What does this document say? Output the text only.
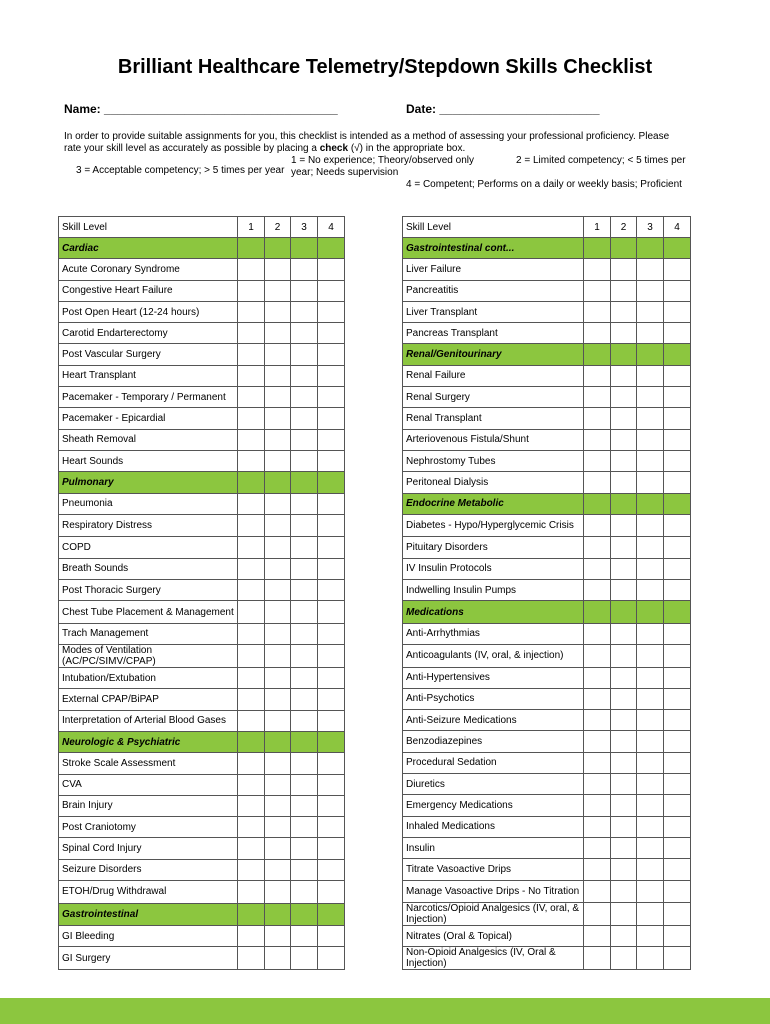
Brilliant Healthcare Telemetry/Stepdown Skills Checklist
Name: ___________________________________	Date: ________________________
In order to provide suitable assignments for you, this checklist is intended as a method of assessing your professional proficiency. Please
rate your skill level as accurately as possible by placing a check (√) in the appropriate box.
1 = No experience; Theory/observed only	2 = Limited competency; < 5 times per
3 = Acceptable competency; > 5 times per year year; Needs supervision
4 = Competent; Performs on a daily or weekly basis; Proficient
Skill Level	1	2	3	4
Cardiac				
Acute Coronary Syndrome				
Congestive Heart Failure				
Post Open Heart (12-24 hours)				
Carotid Endarterectomy				
Post Vascular Surgery				
Heart Transplant				
Pacemaker - Temporary / Permanent				
Pacemaker - Epicardial				
Sheath Removal				
Heart Sounds				
Pulmonary				
Pneumonia				
Respiratory Distress				
COPD				
Breath Sounds				
Post Thoracic Surgery				
Chest Tube Placement & Management				
Trach Management				
Modes of Ventilation (AC/PC/SIMV/CPAP)				
Intubation/Extubation				
External CPAP/BiPAP				
Interpretation of Arterial Blood Gases				
Neurologic & Psychiatric				
Stroke Scale Assessment				
CVA				
Brain Injury				
Post Craniotomy				
Spinal Cord Injury				
Seizure Disorders				
ETOH/Drug Withdrawal				
Gastrointestinal				
GI Bleeding				
GI Surgery				
Skill Level	1	2	3	4
Gastrointestinal cont...				
Liver Failure				
Pancreatitis				
Liver Transplant				
Pancreas Transplant				
Renal/Genitourinary				
Renal Failure				
Renal Surgery				
Renal Transplant				
Arteriovenous Fistula/Shunt				
Nephrostomy Tubes				
Peritoneal Dialysis				
Endocrine Metabolic				
Diabetes - Hypo/Hyperglycemic Crisis				
Pituitary Disorders				
IV Insulin Protocols				
Indwelling Insulin Pumps				
Medications				
Anti-Arrhythmias				
Anticoagulants (IV, oral, & injection)				
Anti-Hypertensives				
Anti-Psychotics				
Anti-Seizure Medications				
Benzodiazepines				
Procedural Sedation				
Diuretics				
Emergency Medications				
Inhaled Medications				
Insulin				
Titrate Vasoactive Drips				
Manage Vasoactive Drips - No Titration				
Narcotics/Opioid Analgesics (IV, oral, & Injection)				
Nitrates (Oral & Topical)				
Non-Opioid Analgesics (IV, Oral & Injection)				
